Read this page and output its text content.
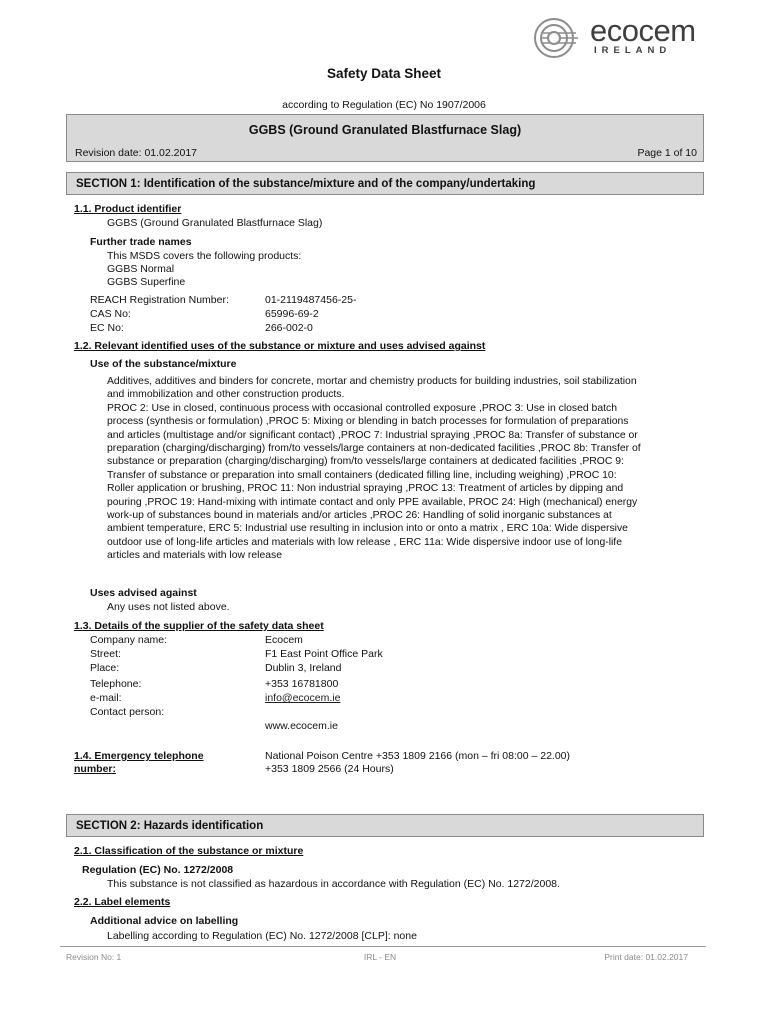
ecocem
IRELAND
Safety Data Sheet
according to Regulation (EC) No 1907/2006
GGBS (Ground Granulated Blastfurnace Slag)
Revision date: 01.02.2017	Page 1 of 10
SECTION 1: Identification of the substance/mixture and of the company/undertaking
1.1. Product identifier
GGBS (Ground Granulated Blastfurnace Slag)
Further trade names
This MSDS covers the following products:
GGBS Normal
GGBS Superfine
REACH Registration Number:	01-2119487456-25-
CAS No:	65996-69-2
EC No:	266-002-0
1.2. Relevant identified uses of the substance or mixture and uses advised against
Use of the substance/mixture
Additives, additives and binders for concrete, mortar and chemistry products for building industries, soil stabilization
and immobilization and other construction products.
PROC 2: Use in closed, continuous process with occasional controlled exposure ,PROC 3: Use in closed batch
process (synthesis or formulation) ,PROC 5: Mixing or blending in batch processes for formulation of preparations
and articles (multistage and/or significant contact) ,PROC 7: Industrial spraying ,PROC 8a: Transfer of substance or
preparation (charging/discharging) from/to vessels/large containers at non-dedicated facilities ,PROC 8b: Transfer of
substance or preparation (charging/discharging) from/to vessels/large containers at dedicated facilities ,PROC 9:
Transfer of substance or preparation into small containers (dedicated filling line, including weighing) ,PROC 10:
Roller application or brushing, PROC 11: Non industrial spraying ,PROC 13: Treatment of articles by dipping and
pouring ,PROC 19: Hand-mixing with intimate contact and only PPE available, PROC 24: High (mechanical) energy
work-up of substances bound in materials and/or articles ,PROC 26: Handling of solid inorganic substances at
ambient temperature, ERC 5: Industrial use resulting in inclusion into or onto a matrix , ERC 10a: Wide dispersive
outdoor use of long-life articles and materials with low release , ERC 11a: Wide dispersive indoor use of long-life
articles and materials with low release
Uses advised against
Any uses not listed above.
1.3. Details of the supplier of the safety data sheet
Company name:	Ecocem
Street:	F1 East Point Office Park
Place:	Dublin 3, Ireland
Telephone:	+353 16781800
e-mail:	info@ecocem.ie
Contact person:
www.ecocem.ie
1.4. Emergency telephone
number:
National Poison Centre +353 1809 2166 (mon – fri 08:00 – 22.00)
+353 1809 2566 (24 Hours)
SECTION 2: Hazards identification
2.1. Classification of the substance or mixture
Regulation (EC) No. 1272/2008
This substance is not classified as hazardous in accordance with Regulation (EC) No. 1272/2008.
2.2. Label elements
Additional advice on labelling
Labelling according to Regulation (EC) No. 1272/2008 [CLP]: none
Revision No: 1	IRL - EN	Print date: 01.02.2017
